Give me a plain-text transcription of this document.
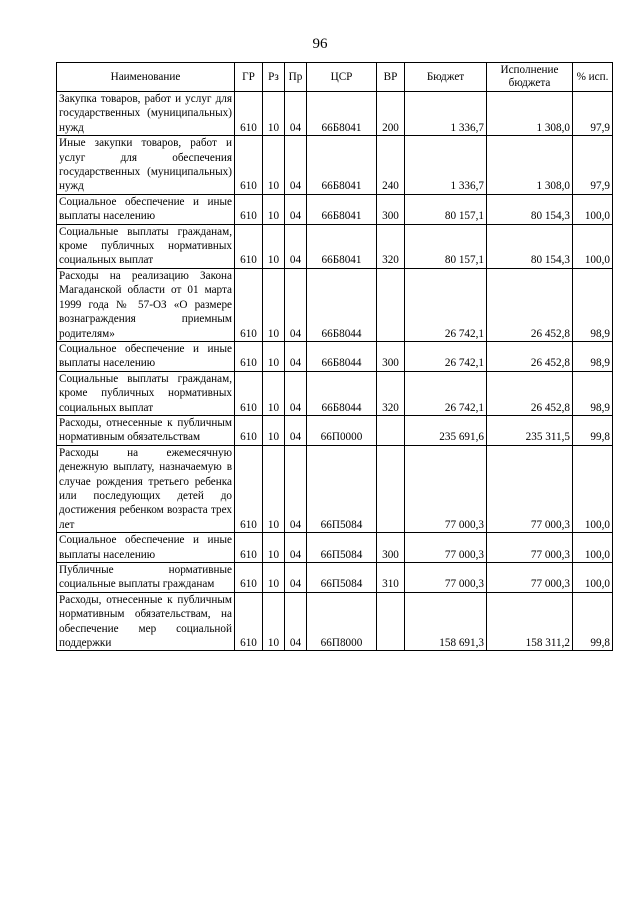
96
Наименование	ГР	Рз	Пр	ЦСР	ВР	Бюджет	Исполнение бюджета	% исп.
Закупка товаров, работ и услуг для государственных (муниципальных) нужд	610	10	04	66Б8041	200	1 336,7	1 308,0	97,9
Иные закупки товаров, работ и услуг для обеспечения государственных (муниципальных) нужд	610	10	04	66Б8041	240	1 336,7	1 308,0	97,9
Социальное обеспечение и иные выплаты населению	610	10	04	66Б8041	300	80 157,1	80 154,3	100,0
Социальные выплаты гражданам, кроме публичных нормативных социальных выплат	610	10	04	66Б8041	320	80 157,1	80 154,3	100,0
Расходы на реализацию Закона Магаданской области от 01 марта 1999 года № 57-ОЗ «О размере вознаграждения приемным родителям»	610	10	04	66Б8044		26 742,1	26 452,8	98,9
Социальное обеспечение и иные выплаты населению	610	10	04	66Б8044	300	26 742,1	26 452,8	98,9
Социальные выплаты гражданам, кроме публичных нормативных социальных выплат	610	10	04	66Б8044	320	26 742,1	26 452,8	98,9
Расходы, отнесенные к публичным нормативным обязательствам	610	10	04	66П0000		235 691,6	235 311,5	99,8
Расходы на ежемесячную денежную выплату, назначаемую в случае рождения третьего ребенка или последующих детей до достижения ребенком возраста трех лет	610	10	04	66П5084		77 000,3	77 000,3	100,0
Социальное обеспечение и иные выплаты населению	610	10	04	66П5084	300	77 000,3	77 000,3	100,0
Публичные нормативные социальные выплаты гражданам	610	10	04	66П5084	310	77 000,3	77 000,3	100,0
Расходы, отнесенные к публичным нормативным обязательствам, на обеспечение мер социальной поддержки	610	10	04	66П8000		158 691,3	158 311,2	99,8
